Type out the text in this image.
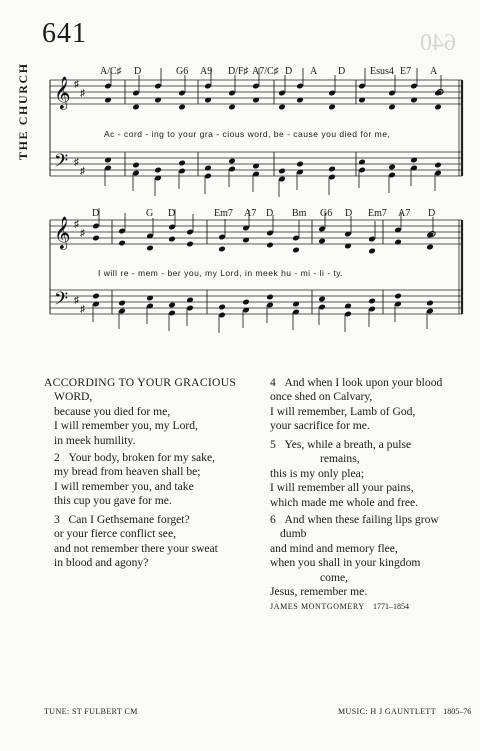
THE CHURCH
641	640
𝄞
𝄢
♯
♯
♯
♯
𝄞
𝄢
♯
♯
♯
♯
A/C♯ D	G6 A9 D/F♯ A7/C♯ D A D Esus4 E7 A
D	G D	Em7 A7 D Bm G6 D Em7 A7 D
Ac - cord - ing to your gra - cious word, be - cause you died for me,
I will re - mem - ber you, my Lord, in meek hu - mi - li - ty.
ACCORDING TO YOUR GRACIOUS
WORD,
because you died for me,
I will remember you, my Lord,
in meek humility.
2 Your body, broken for my sake,
my bread from heaven shall be;
I will remember you, and take
this cup you gave for me.
3 Can I Gethsemane forget?
or your fierce conflict see,
and not remember there your sweat
in blood and agony?
4 And when I look upon your blood
once shed on Calvary,
I will remember, Lamb of God,
your sacrifice for me.
5 Yes, while a breath, a pulse
remains,
this is my only plea;
I will remember all your pains,
which made me whole and free.
6 And when these failing lips grow
dumb
and mind and memory flee,
when you shall in your kingdom
come,
Jesus, remember me.
JAMES MONTGOMERY 1771–1854
TUNE: ST FULBERT CM	MUSIC: H J GAUNTLETT 1805–76
